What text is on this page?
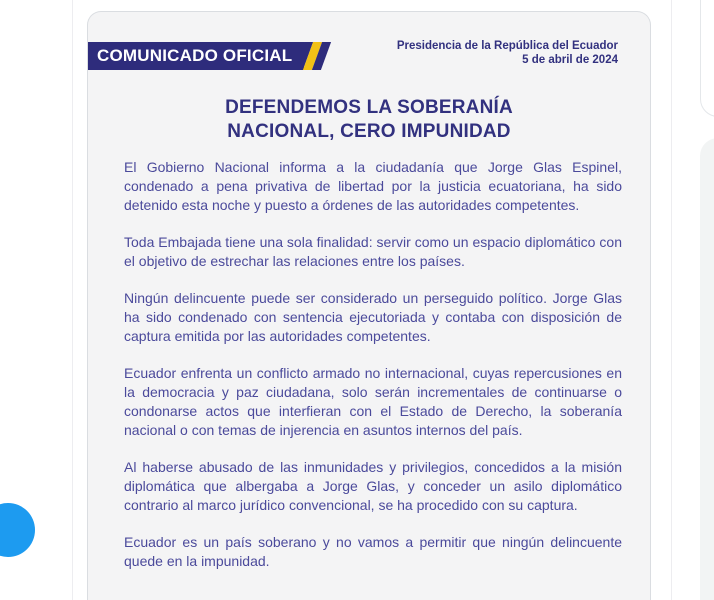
COMUNICADO OFICIAL	Presidencia de la República del Ecuador
5 de abril de 2024
DEFENDEMOS LA SOBERANÍA
NACIONAL, CERO IMPUNIDAD

El Gobierno Nacional informa a la ciudadanía que Jorge Glas Espinel, condenado a pena privativa de libertad por la justicia ecuatoriana, ha sido detenido esta noche y puesto a órdenes de las autoridades competentes.

Toda Embajada tiene una sola finalidad: servir como un espacio diplomático con el objetivo de estrechar las relaciones entre los países.

Ningún delincuente puede ser considerado un perseguido político. Jorge Glas ha sido condenado con sentencia ejecutoriada y contaba con disposición de captura emitida por las autoridades competentes.

Ecuador enfrenta un conflicto armado no internacional, cuyas repercusiones en la democracia y paz ciudadana, solo serán incrementales de continuarse o condonarse actos que interfieran con el Estado de Derecho, la soberanía nacional o con temas de injerencia en asuntos internos del país.

Al haberse abusado de las inmunidades y privilegios, concedidos a la misión diplomática que albergaba a Jorge Glas, y conceder un asilo diplomático contrario al marco jurídico convencional, se ha procedido con su captura.

Ecuador es un país soberano y no vamos a permitir que ningún delincuente quede en la impunidad.
